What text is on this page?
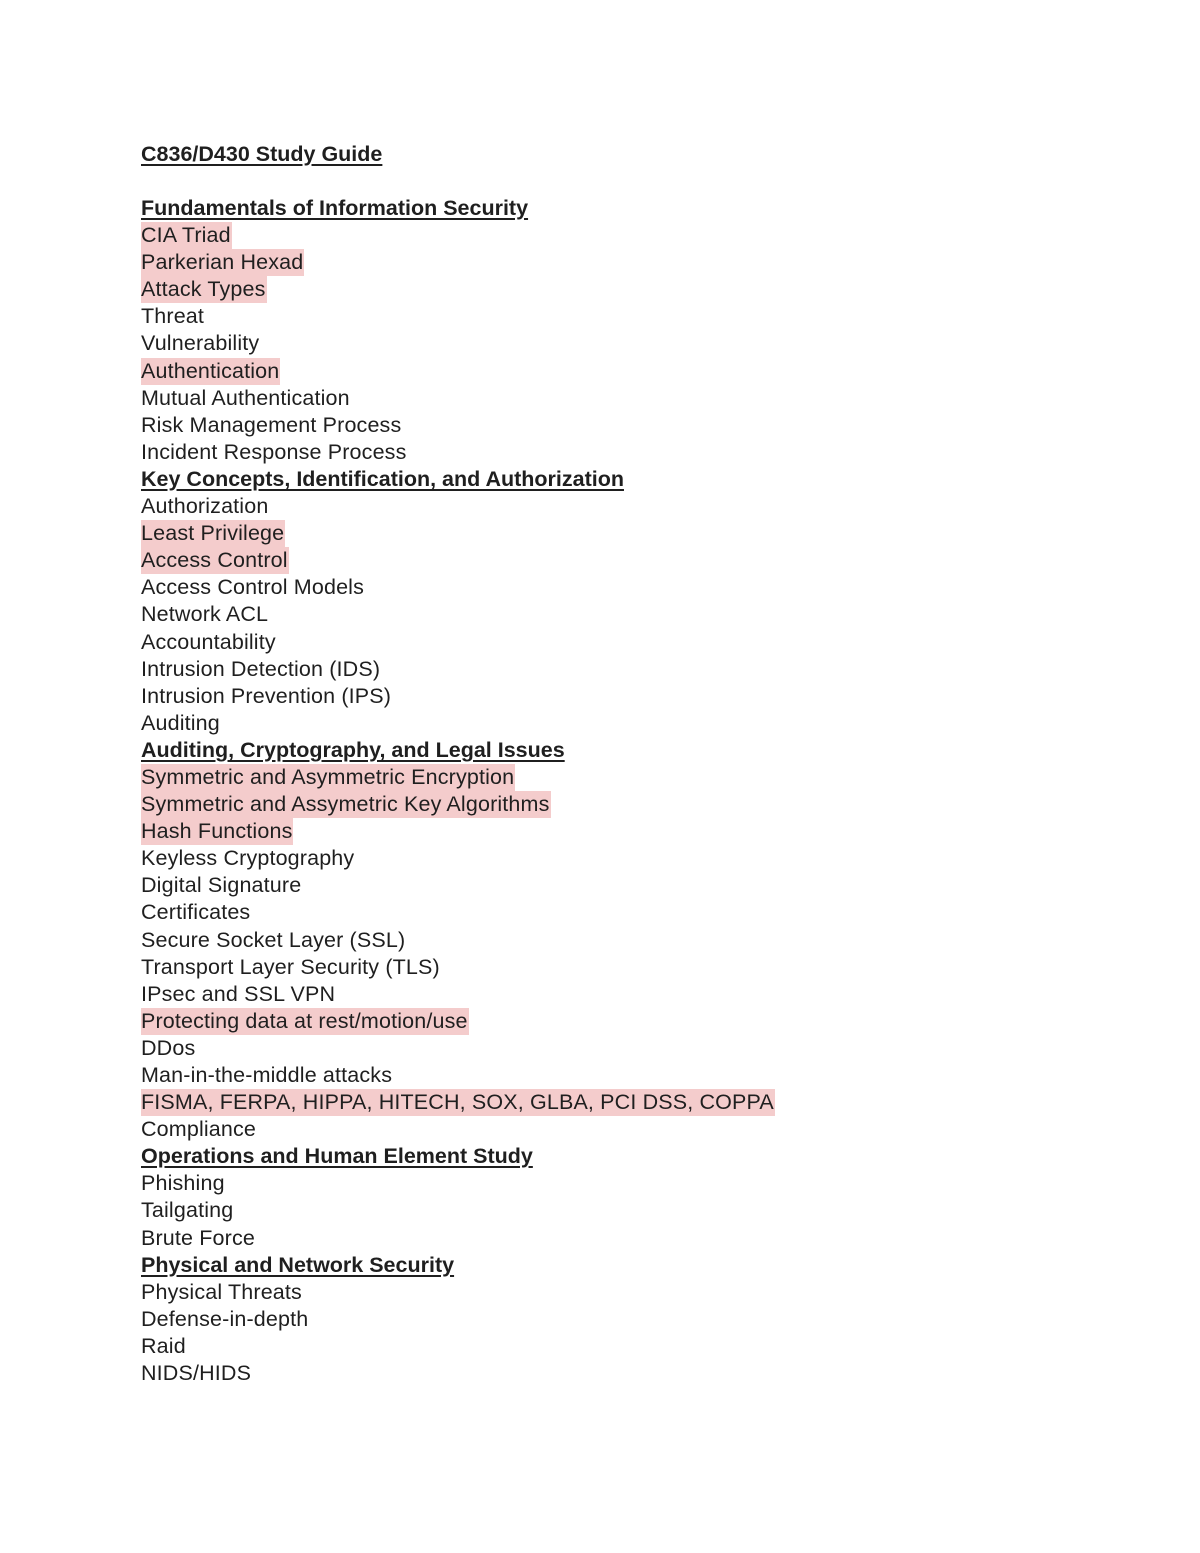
C836/D430 Study Guide
Fundamentals of Information Security
CIA Triad
Parkerian Hexad
Attack Types
Threat
Vulnerability
Authentication
Mutual Authentication
Risk Management Process
Incident Response Process
Key Concepts, Identification, and Authorization
Authorization
Least Privilege
Access Control
Access Control Models
Network ACL
Accountability
Intrusion Detection (IDS)
Intrusion Prevention (IPS)
Auditing
Auditing, Cryptography, and Legal Issues
Symmetric and Asymmetric Encryption
Symmetric and Assymetric Key Algorithms
Hash Functions
Keyless Cryptography
Digital Signature
Certificates
Secure Socket Layer (SSL)
Transport Layer Security (TLS)
IPsec and SSL VPN
Protecting data at rest/motion/use
DDos
Man-in-the-middle attacks
FISMA, FERPA, HIPPA, HITECH, SOX, GLBA, PCI DSS, COPPA
Compliance
Operations and Human Element Study
Phishing
Tailgating
Brute Force
Physical and Network Security
Physical Threats
Defense-in-depth
Raid
NIDS/HIDS
